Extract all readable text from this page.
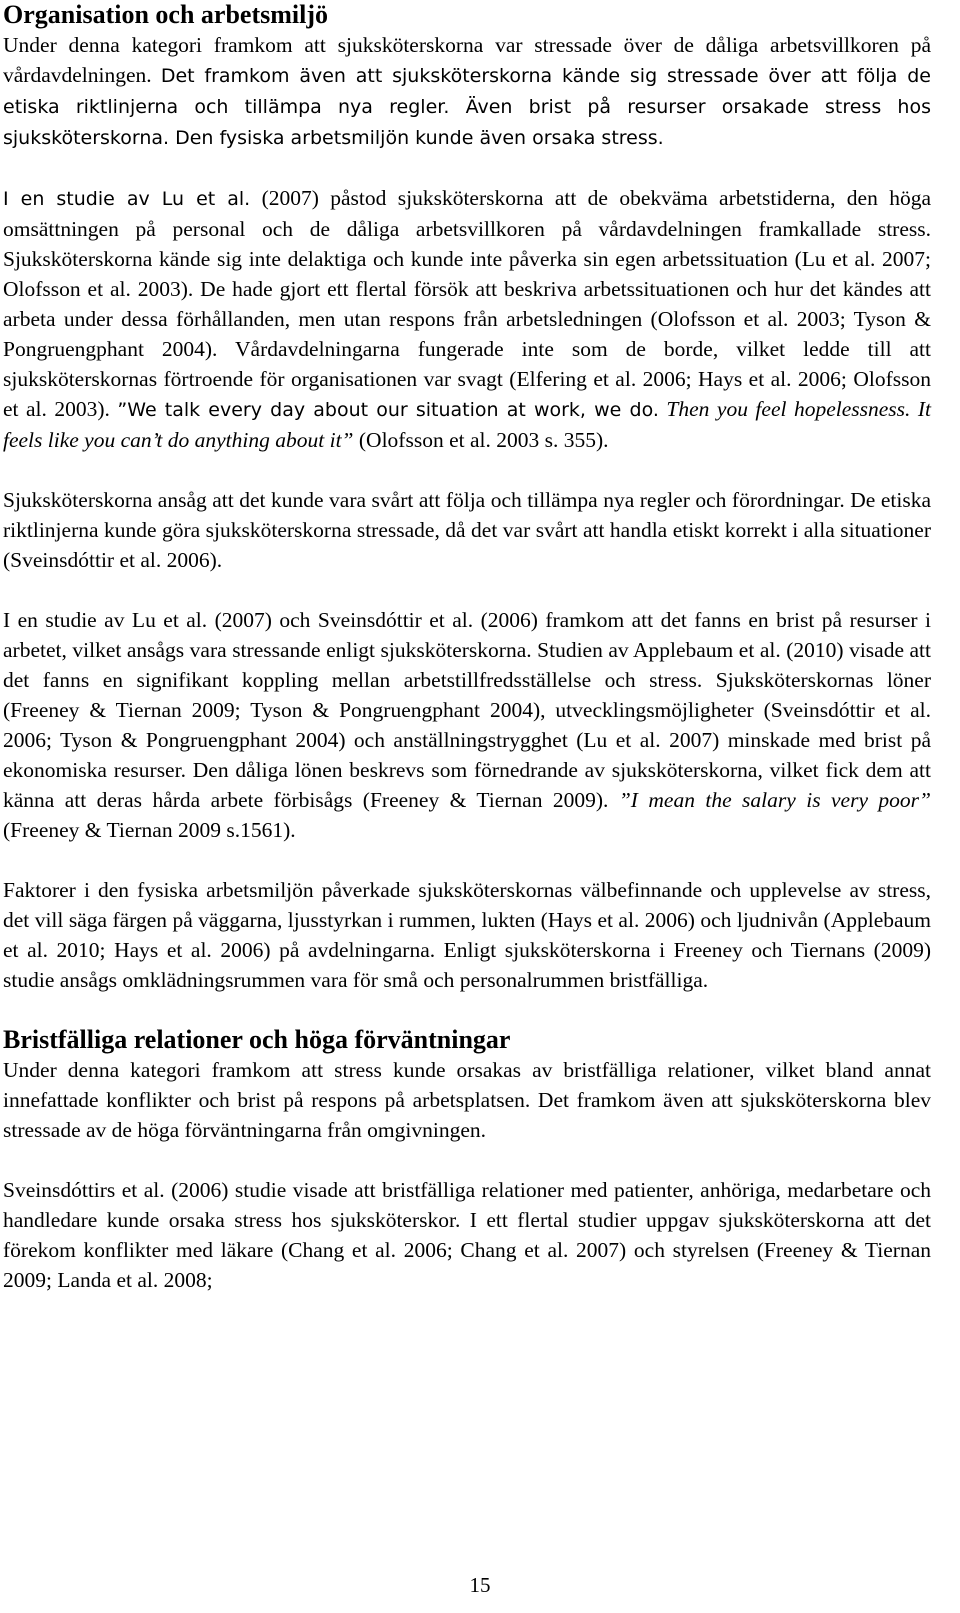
Organisation och arbetsmiljö

Under denna kategori framkom att sjuksköterskorna var stressade över de dåliga arbetsvillkoren på vårdavdelningen. Det framkom även att sjuksköterskorna kände sig stressade över att följa de etiska riktlinjerna och tillämpa nya regler. Även brist på resurser orsakade stress hos sjuksköterskorna. Den fysiska arbetsmiljön kunde även orsaka stress.

I en studie av Lu et al. (2007) påstod sjuksköterskorna att de obekväma arbetstiderna, den höga omsättningen på personal och de dåliga arbetsvillkoren på vårdavdelningen framkallade stress. Sjuksköterskorna kände sig inte delaktiga och kunde inte påverka sin egen arbetssituation (Lu et al. 2007; Olofsson et al. 2003). De hade gjort ett flertal försök att beskriva arbetssituationen och hur det kändes att arbeta under dessa förhållanden, men utan respons från arbetsledningen (Olofsson et al. 2003; Tyson & Pongruengphant 2004). Vårdavdelningarna fungerade inte som de borde, vilket ledde till att sjuksköterskornas förtroende för organisationen var svagt (Elfering et al. 2006; Hays et al. 2006; Olofsson et al. 2003). ”We talk every day about our situation at work, we do. Then you feel hopelessness. It feels like you can’t do anything about it” (Olofsson et al. 2003 s. 355).

Sjuksköterskorna ansåg att det kunde vara svårt att följa och tillämpa nya regler och förordningar. De etiska riktlinjerna kunde göra sjuksköterskorna stressade, då det var svårt att handla etiskt korrekt i alla situationer (Sveinsdóttir et al. 2006).

I en studie av Lu et al. (2007) och Sveinsdóttir et al. (2006) framkom att det fanns en brist på resurser i arbetet, vilket ansågs vara stressande enligt sjuksköterskorna. Studien av Applebaum et al. (2010) visade att det fanns en signifikant koppling mellan arbetstillfredsställelse och stress. Sjuksköterskornas löner (Freeney & Tiernan 2009; Tyson & Pongruengphant 2004), utvecklingsmöjligheter (Sveinsdóttir et al. 2006; Tyson & Pongruengphant 2004) och anställningstrygghet (Lu et al. 2007) minskade med brist på ekonomiska resurser. Den dåliga lönen beskrevs som förnedrande av sjuksköterskorna, vilket fick dem att känna att deras hårda arbete förbisågs (Freeney & Tiernan 2009). ”I mean the salary is very poor” (Freeney & Tiernan 2009 s.1561).

Faktorer i den fysiska arbetsmiljön påverkade sjuksköterskornas välbefinnande och upplevelse av stress, det vill säga färgen på väggarna, ljusstyrkan i rummen, lukten (Hays et al. 2006) och ljudnivån (Applebaum et al. 2010; Hays et al. 2006) på avdelningarna. Enligt sjuksköterskorna i Freeney och Tiernans (2009) studie ansågs omklädningsrummen vara för små och personalrummen bristfälliga.

Bristfälliga relationer och höga förväntningar

Under denna kategori framkom att stress kunde orsakas av bristfälliga relationer, vilket bland annat innefattade konflikter och brist på respons på arbetsplatsen. Det framkom även att sjuksköterskorna blev stressade av de höga förväntningarna från omgivningen.

Sveinsdóttirs et al. (2006) studie visade att bristfälliga relationer med patienter, anhöriga, medarbetare och handledare kunde orsaka stress hos sjuksköterskor. I ett flertal studier uppgav sjuksköterskorna att det förekom konflikter med läkare (Chang et al. 2006; Chang et al. 2007) och styrelsen (Freeney & Tiernan 2009; Landa et al. 2008;

15
